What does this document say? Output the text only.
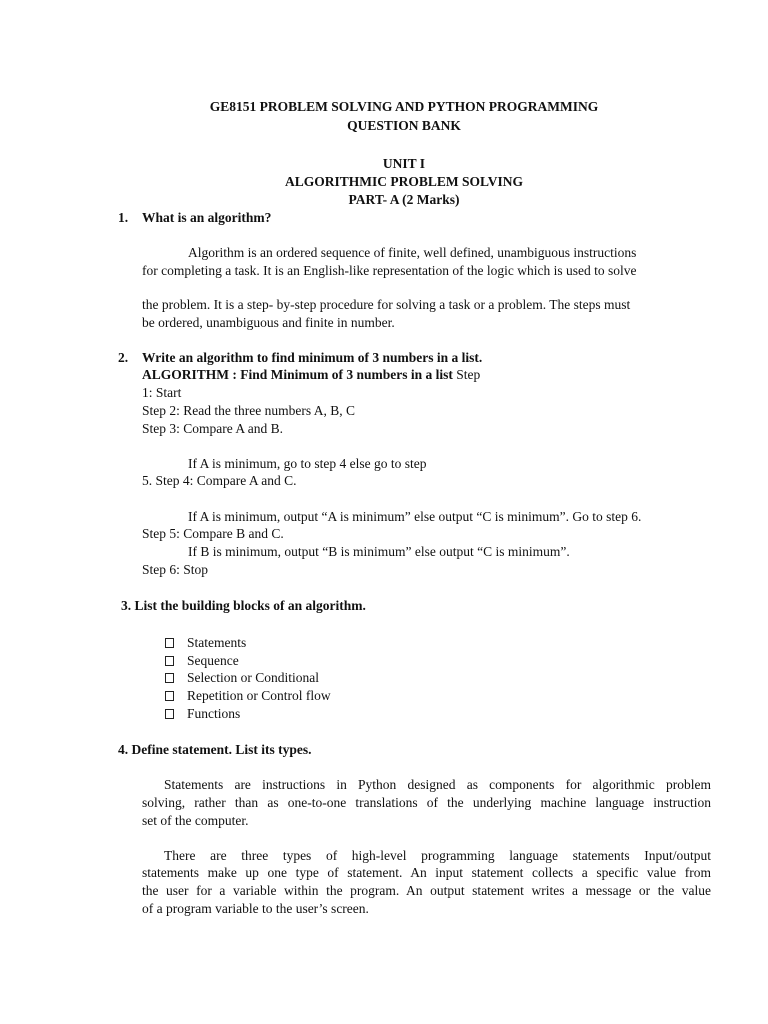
GE8151 PROBLEM SOLVING AND PYTHON PROGRAMMING
QUESTION BANK
UNIT I
ALGORITHMIC PROBLEM SOLVING
PART- A (2 Marks)
1. What is an algorithm?
Algorithm is an ordered sequence of finite, well defined, unambiguous instructions
for completing a task. It is an English-like representation of the logic which is used to solve
the problem. It is a step- by-step procedure for solving a task or a problem. The steps must
be ordered, unambiguous and finite in number.
2. Write an algorithm to find minimum of 3 numbers in a list.
ALGORITHM : Find Minimum of 3 numbers in a list Step
1: Start
Step 2: Read the three numbers A, B, C
Step 3: Compare A and B.
If A is minimum, go to step 4 else go to step
5. Step 4: Compare A and C.
If A is minimum, output “A is minimum” else output “C is minimum”. Go to step 6.
Step 5: Compare B and C.
If B is minimum, output “B is minimum” else output “C is minimum”.
Step 6: Stop
3. List the building blocks of an algorithm.
Statements
Sequence
Selection or Conditional
Repetition or Control flow
Functions
4. Define statement. List its types.
Statements are instructions in Python designed as components for algorithmic problem
solving, rather than as one-to-one translations of the underlying machine language instruction
set of the computer.
There are three types of high-level programming language statements Input/output
statements make up one type of statement. An input statement collects a specific value from
the user for a variable within the program. An output statement writes a message or the value
of a program variable to the user’s screen.
